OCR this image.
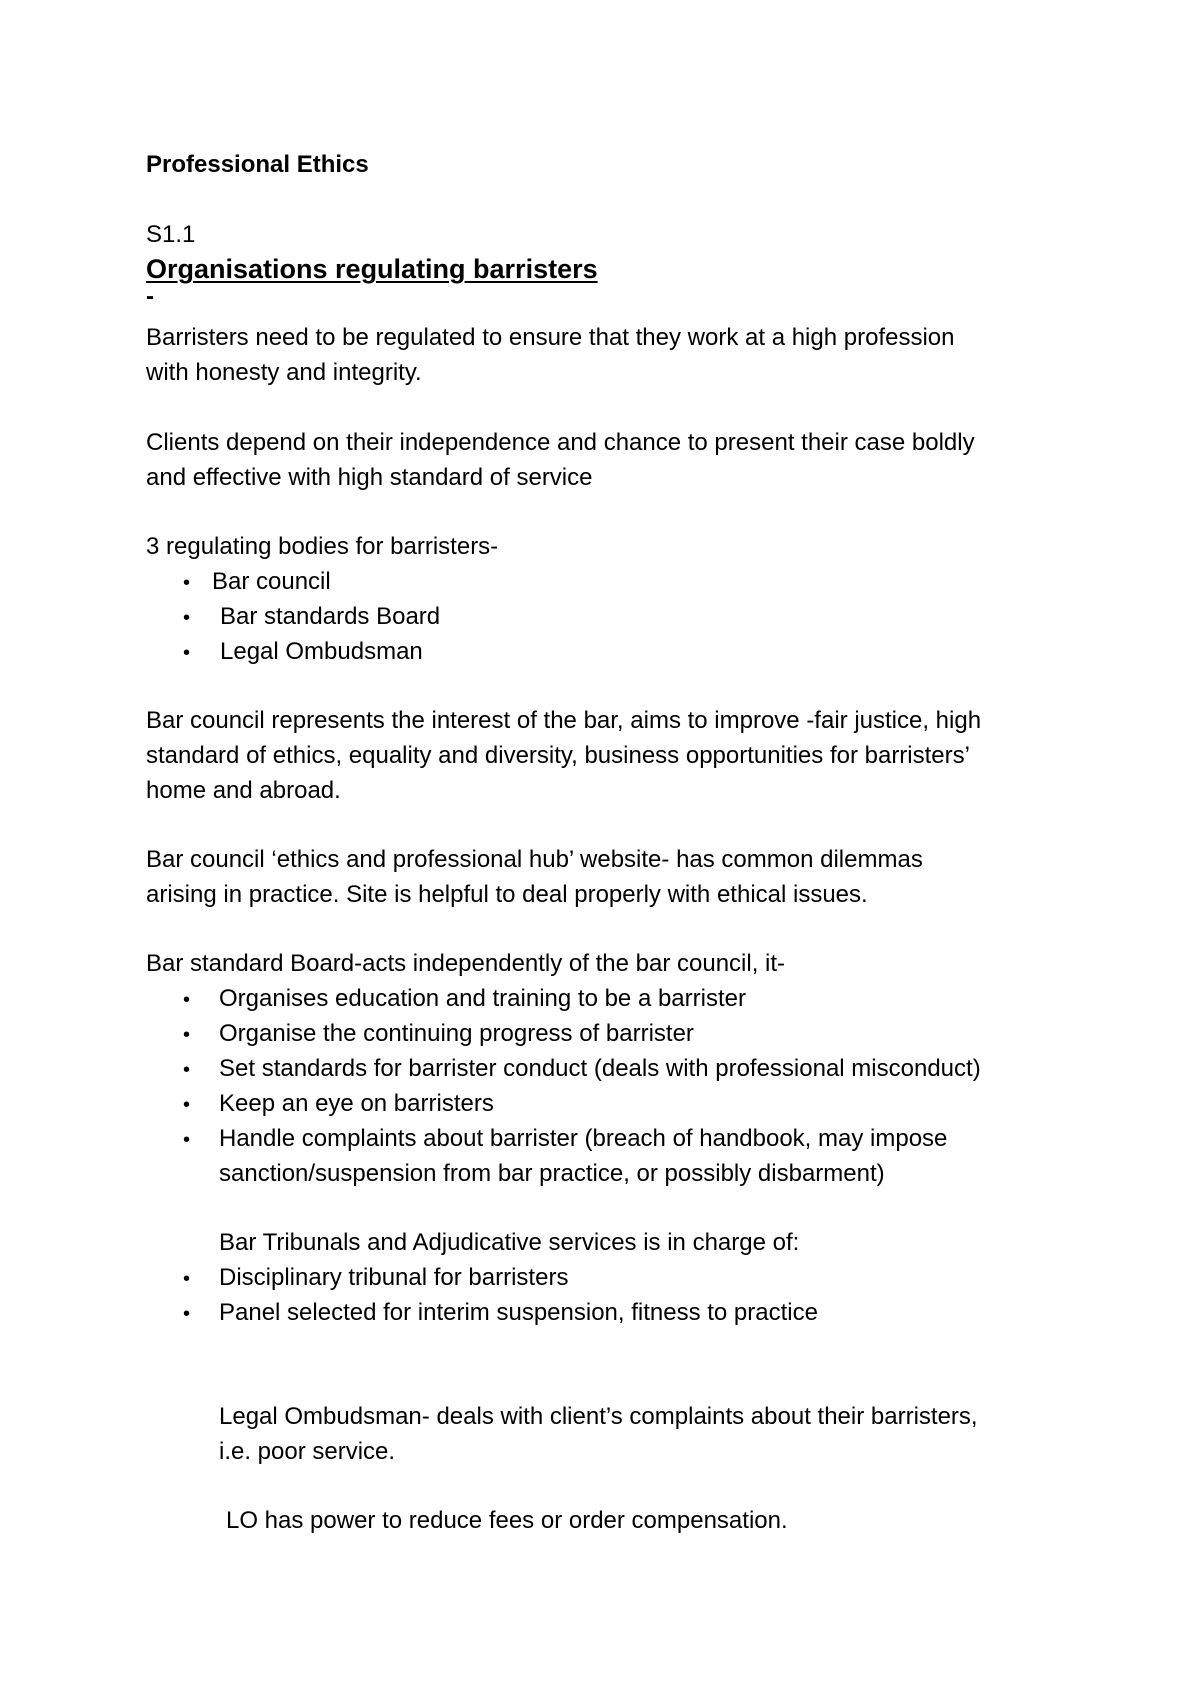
Professional Ethics
S1.1
Organisations regulating barristers
-
Barristers need to be regulated to ensure that they work at a high profession
with honesty and integrity.
Clients depend on their independence and chance to present their case boldly
and effective with high standard of service
3 regulating bodies for barristers-
• Bar council
• Bar standards Board
• Legal Ombudsman
Bar council represents the interest of the bar, aims to improve -fair justice, high
standard of ethics, equality and diversity, business opportunities for barristers’
home and abroad.
Bar council ‘ethics and professional hub’ website- has common dilemmas
arising in practice. Site is helpful to deal properly with ethical issues.
Bar standard Board-acts independently of the bar council, it-
• Organises education and training to be a barrister
• Organise the continuing progress of barrister
• Set standards for barrister conduct (deals with professional misconduct)
• Keep an eye on barristers
• Handle complaints about barrister (breach of handbook, may impose
sanction/suspension from bar practice, or possibly disbarment)
Bar Tribunals and Adjudicative services is in charge of:
• Disciplinary tribunal for barristers
• Panel selected for interim suspension, fitness to practice
Legal Ombudsman- deals with client’s complaints about their barristers,
i.e. poor service.
LO has power to reduce fees or order compensation.
